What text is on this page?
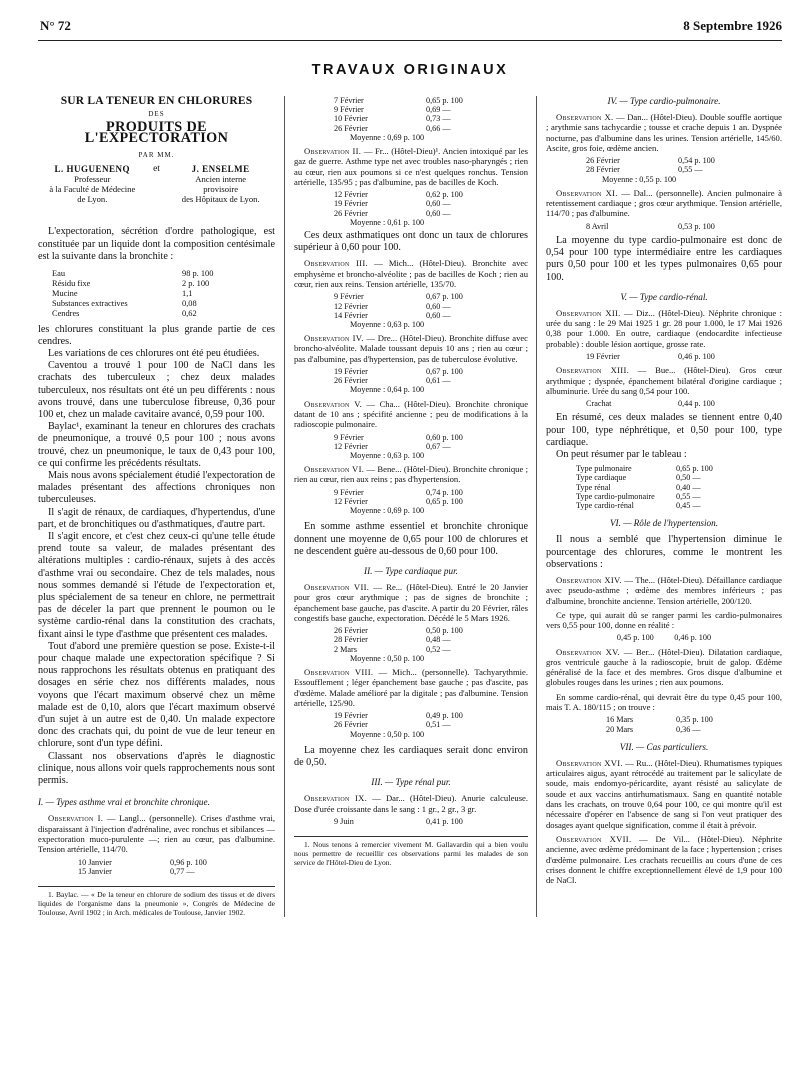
N° 72	8 Septembre 1926
TRAVAUX ORIGINAUX
SUR LA TENEUR EN CHLORURES
DES
PRODUITS DE L'EXPECTORATION
PAR MM.
L. HUGUENENQ
Professeur
à la Faculté de Médecine
de Lyon.
et	J. ENSELME
Ancien interne
provisoire
des Hôpitaux de Lyon.

L'expectoration, sécrétion d'ordre pathologique, est constituée par un liquide dont la composition centésimale est la suivante dans la bronchite :

Eau	98 p. 100
Résidu fixe	2 p. 100
Mucine	1,1
Substances extractives	0,08
Cendres	0,62

les chlorures constituant la plus grande partie de ces cendres.

Les variations de ces chlorures ont été peu étudiées.

Caventou a trouvé 1 pour 100 de NaCl dans les crachats des tuberculeux ; chez deux malades tuberculeux, nos résultats ont été un peu différents : nous avons trouvé, dans une tuberculose fibreuse, 0,36 pour 100 et, chez un malade cavitaire avancé, 0,59 pour 100.

Baylac¹, examinant la teneur en chlorures des crachats de pneumonique, a trouvé 0,5 pour 100 ; nous avons trouvé, chez un pneumonique, le taux de 0,43 pour 100, ce qui confirme les précédents résultats.

Mais nous avons spécialement étudié l'expectoration de malades présentant des affections chroniques non tuberculeuses.

Il s'agit de rénaux, de cardiaques, d'hypertendus, d'une part, et de bronchitiques ou d'asthmatiques, d'autre part.

Il s'agit encore, et c'est chez ceux-ci qu'une telle étude prend toute sa valeur, de malades présentant des altérations multiples : cardio-rénaux, sujets à des accès d'asthme vrai ou secondaire. Chez de tels malades, nous nous sommes demandé si l'étude de l'expectoration et, plus spécialement de sa teneur en chlore, ne permettrait pas de déceler la part que prennent le poumon ou le système cardio-rénal dans la constitution des crachats, fixant ainsi le type d'asthme que présentent ces malades.

Tout d'abord une première question se pose. Existe-t-il pour chaque malade une expectoration spécifique ? Si nous rapprochons les résultats obtenus en pratiquant des dosages en série chez nos différents malades, nous voyons que l'écart maximum observé chez un même malade est de 0,10, alors que l'écart maximum observé d'un sujet à un autre est de 0,40. Un malade expectore donc des crachats qui, du point de vue de leur teneur en chlorure, sont d'un type défini.

Classant nos observations d'après le diagnostic clinique, nous allons voir quels rapprochements nous sont permis.

I. — Types asthme vrai et bronchite chronique.

Observation I. — Langl... (personnelle). Crises d'asthme vrai, disparaissant à l'injection d'adrénaline, avec ronchus et sibilances — expectoration muco-purulente —; rien au cœur, pas d'albumine. Tension artérielle, 114/70.

10 Janvier	0,96 p. 100
15 Janvier	0,77 —

1. Baylac. — « De la teneur en chlorure de sodium des tissus et de divers liquides de l'organisme dans la pneumonie », Congrès de Médecine de Toulouse, Avril 1902 ; in Arch. médicales de Toulouse, Janvier 1902.

7 Février	0,65 p. 100
9 Février	0,69 —
10 Février	0,73 —
26 Février	0,66 —
Moyenne : 0,69 p. 100

Observation II. — Fr... (Hôtel-Dieu)¹. Ancien intoxiqué par les gaz de guerre. Asthme type net avec troubles naso-pharyngés ; rien au cœur, rien aux poumons si ce n'est quelques ronchus. Tension artérielle, 135/95 ; pas d'albumine, pas de bacilles de Koch.

12 Février	0,62 p. 100
19 Février	0,60 —
26 Février	0,60 —
Moyenne : 0,61 p. 100

Ces deux asthmatiques ont donc un taux de chlorures supérieur à 0,60 pour 100.

Observation III. — Mich... (Hôtel-Dieu). Bronchite avec emphysème et broncho-alvéolite ; pas de bacilles de Koch ; rien au cœur, rien aux reins. Tension artérielle, 135/70.

9 Février	0,67 p. 100
12 Février	0,60 —
14 Février	0,60 —
Moyenne : 0,63 p. 100

Observation IV. — Dre... (Hôtel-Dieu). Bronchite diffuse avec broncho-alvéolite. Malade toussant depuis 10 ans ; rien au cœur ; pas d'albumine, pas d'hypertension, pas de tuberculose évolutive.

19 Février	0,67 p. 100
26 Février	0,61 —
Moyenne : 0,64 p. 100

Observation V. — Cha... (Hôtel-Dieu). Bronchite chronique datant de 10 ans ; spécifité ancienne ; peu de modifications à la radioscopie pulmonaire.

9 Février	0,60 p. 100
12 Février	0,67 —
Moyenne : 0,63 p. 100

Observation VI. — Bene... (Hôtel-Dieu). Bronchite chronique ; rien au cœur, rien aux reins ; pas d'hypertension.

9 Février	0,74 p. 100
12 Février	0,65 p. 100
Moyenne : 0,69 p. 100

En somme asthme essentiel et bronchite chronique donnent une moyenne de 0,65 pour 100 de chlorures et ne descendent guère au-dessous de 0,60 pour 100.

II. — Type cardiaque pur.

Observation VII. — Re... (Hôtel-Dieu). Entré le 20 Janvier pour gros cœur arythmique ; pas de signes de bronchite ; épanchement base gauche, pas d'ascite. A partir du 20 Février, râles congestifs base gauche, expectoration. Décédé le 5 Mars 1926.

26 Février	0,50 p. 100
28 Février	0,48 —
2 Mars	0,52 —
Moyenne : 0,50 p. 100

Observation VIII. — Mich... (personnelle). Tachyarythmie. Essoufflement ; léger épanchement base gauche ; pas d'ascite, pas d'œdème. Malade amélioré par la digitale ; pas d'albumine. Tension artérielle, 125/90.

19 Février	0,49 p. 100
26 Février	0,51 —
Moyenne : 0,50 p. 100

La moyenne chez les cardiaques serait donc environ de 0,50.

III. — Type rénal pur.

Observation IX. — Dar... (Hôtel-Dieu). Anurie calculeuse. Dose d'urée croissante dans le sang : 1 gr., 2 gr., 3 gr.

9 Juin	0,41 p. 100

1. Nous tenons à remercier vivement M. Gallavardin qui a bien voulu nous permettre de recueillir ces observations parmi les malades de son service de l'Hôtel-Dieu de Lyon.

IV. — Type cardio-pulmonaire.

Observation X. — Dan... (Hôtel-Dieu). Double souffle aortique ; arythmie sans tachycardie ; tousse et crache depuis 1 an. Dyspnée nocturne, pas d'albumine dans les urines. Tension artérielle, 145/60. Ascite, gros foie, œdème ancien.

26 Février	0,54 p. 100
28 Février	0,55 —
Moyenne : 0,55 p. 100

Observation XI. — Dal... (personnelle). Ancien pulmonaire à retentissement cardiaque ; gros cœur arythmique. Tension artérielle, 114/70 ; pas d'albumine.

8 Avril	0,53 p. 100

La moyenne du type cardio-pulmonaire est donc de 0,54 pour 100 type intermédiaire entre les cardiaques purs 0,50 pour 100 et les types pulmonaires 0,65 pour 100.

V. — Type cardio-rénal.

Observation XII. — Diz... (Hôtel-Dieu). Néphrite chronique : urée du sang : le 29 Mai 1925 1 gr. 28 pour 1.000, le 17 Mai 1926 0,38 pour 1.000. En outre, cardiaque (endocardite infectieuse probable) : double lésion aortique, grosse rate.

19 Février	0,46 p. 100

Observation XIII. — Bue... (Hôtel-Dieu). Gros cœur arythmique ; dyspnée, épanchement bilatéral d'origine cardiaque ; albuminurie. Urée du sang 0,54 pour 100.

Crachat	0,44 p. 100

En résumé, ces deux malades se tiennent entre 0,40 pour 100, type néphrétique, et 0,50 pour 100, type cardiaque.

On peut résumer par le tableau :

Type pulmonaire	0,65 p. 100
Type cardiaque	0,50 —
Type rénal	0,40 —
Type cardio-pulmonaire	0,55 —
Type cardio-rénal	0,45 —
VI. — Rôle de l'hypertension.

Il nous a semblé que l'hypertension diminue le pourcentage des chlorures, comme le montrent les observations :

Observation XIV. — The... (Hôtel-Dieu). Défaillance cardiaque avec pseudo-asthme ; œdème des membres inférieurs ; pas d'albumine, bronchite ancienne. Tension artérielle, 200/120.

Ce type, qui aurait dû se ranger parmi les cardio-pulmonaires vers 0,55 pour 100, donne en réalité :

0,45 p. 100          0,46 p. 100

Observation XV. — Ber... (Hôtel-Dieu). Dilatation cardiaque, gros ventricule gauche à la radioscopie, bruit de galop. Œdème généralisé de la face et des membres. Gros disque d'albumine et globules rouges dans les urines ; rien aux poumons.

En somme cardio-rénal, qui devrait être du type 0,45 pour 100, mais T. A. 180/115 ; on trouve :

16 Mars	0,35 p. 100
20 Mars	0,36 —
VII. — Cas particuliers.

Observation XVI. — Ru... (Hôtel-Dieu). Rhumatismes typiques articulaires aigus, ayant rétrocédé au traitement par le salicylate de soude, mais endomyo-péricardite, ayant résisté au salicylate de soude et aux vaccins antirhumatismaux. Sang en quantité notable dans les crachats, on trouve 0,64 pour 100, ce qui montre qu'il est nécessaire d'opérer en l'absence de sang si l'on veut pratiquer des dosages ayant quelque signification, comme il était à prévoir.

Observation XVII. — De Vil... (Hôtel-Dieu). Néphrite ancienne, avec œdème prédominant de la face ; hypertension ; crises d'œdème pulmonaire. Les crachats recueillis au cours d'une de ces crises donnent le chiffre exceptionnellement élevé de 1,9 pour 100 de NaCl.
